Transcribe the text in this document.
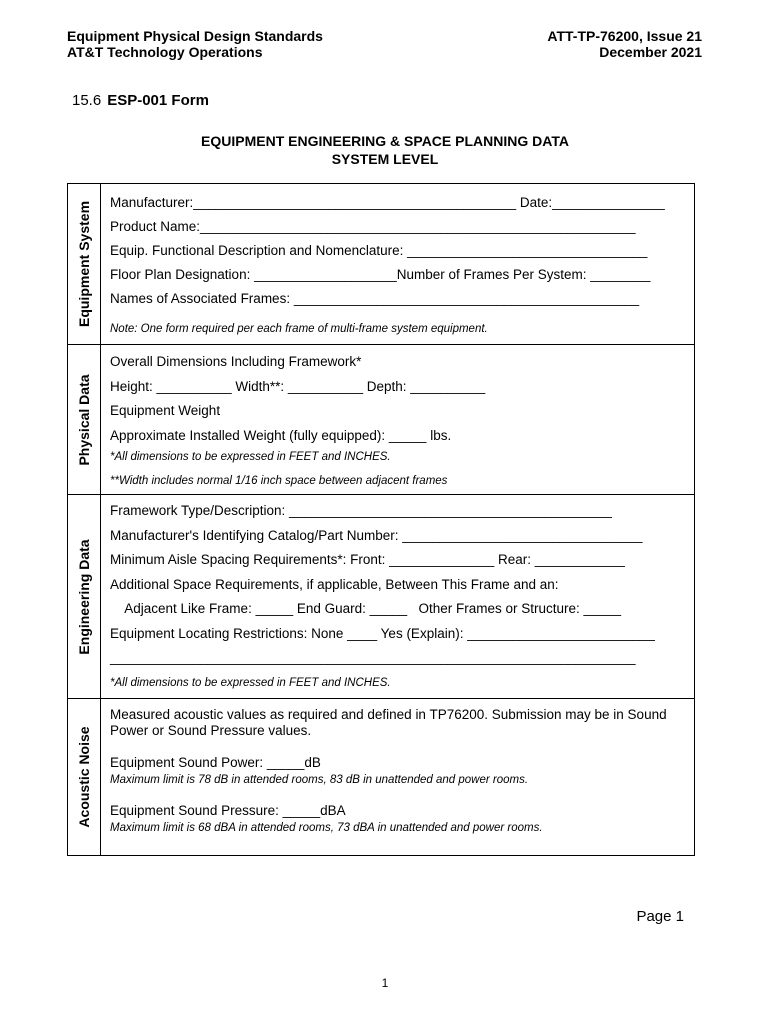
Equipment Physical Design Standards
AT&T Technology Operations
ATT-TP-76200, Issue 21
December 2021
15.6 ESP-001 Form
EQUIPMENT ENGINEERING & SPACE PLANNING DATA
SYSTEM LEVEL
Equipment System Manufacturer:___________________________________________ Date:_______________
Product Name:__________________________________________________________
Equip. Functional Description and Nomenclature: ________________________________
Floor Plan Designation: ___________________Number of Frames Per System: ________
Names of Associated Frames: ______________________________________________
Note: One form required per each frame of multi-frame system equipment.
Physical Data
Overall Dimensions Including Framework*
Height: __________ Width**: __________ Depth: __________
Equipment Weight
Approximate Installed Weight (fully equipped): _____ lbs.
*All dimensions to be expressed in FEET and INCHES.
**Width includes normal 1/16 inch space between adjacent frames
Engineering Data
Framework Type/Description: ___________________________________________
Manufacturer's Identifying Catalog/Part Number: ________________________________
Minimum Aisle Spacing Requirements*: Front: ______________ Rear: ____________
Additional Space Requirements, if applicable, Between This Frame and an:
Adjacent Like Frame: _____ End Guard: _____   Other Frames or Structure: _____
Equipment Locating Restrictions: None ____ Yes (Explain): _________________________
______________________________________________________________________
*All dimensions to be expressed in FEET and INCHES.
Acoustic Noise
Measured acoustic values as required and defined in TP76200. Submission may be in Sound Power or Sound Pressure values.
Equipment Sound Power: _____dB
Maximum limit is 78 dB in attended rooms, 83 dB in unattended and power rooms.
Equipment Sound Pressure: _____dBA
Maximum limit is 68 dBA in attended rooms, 73 dBA in unattended and power rooms.
Page 1
1
